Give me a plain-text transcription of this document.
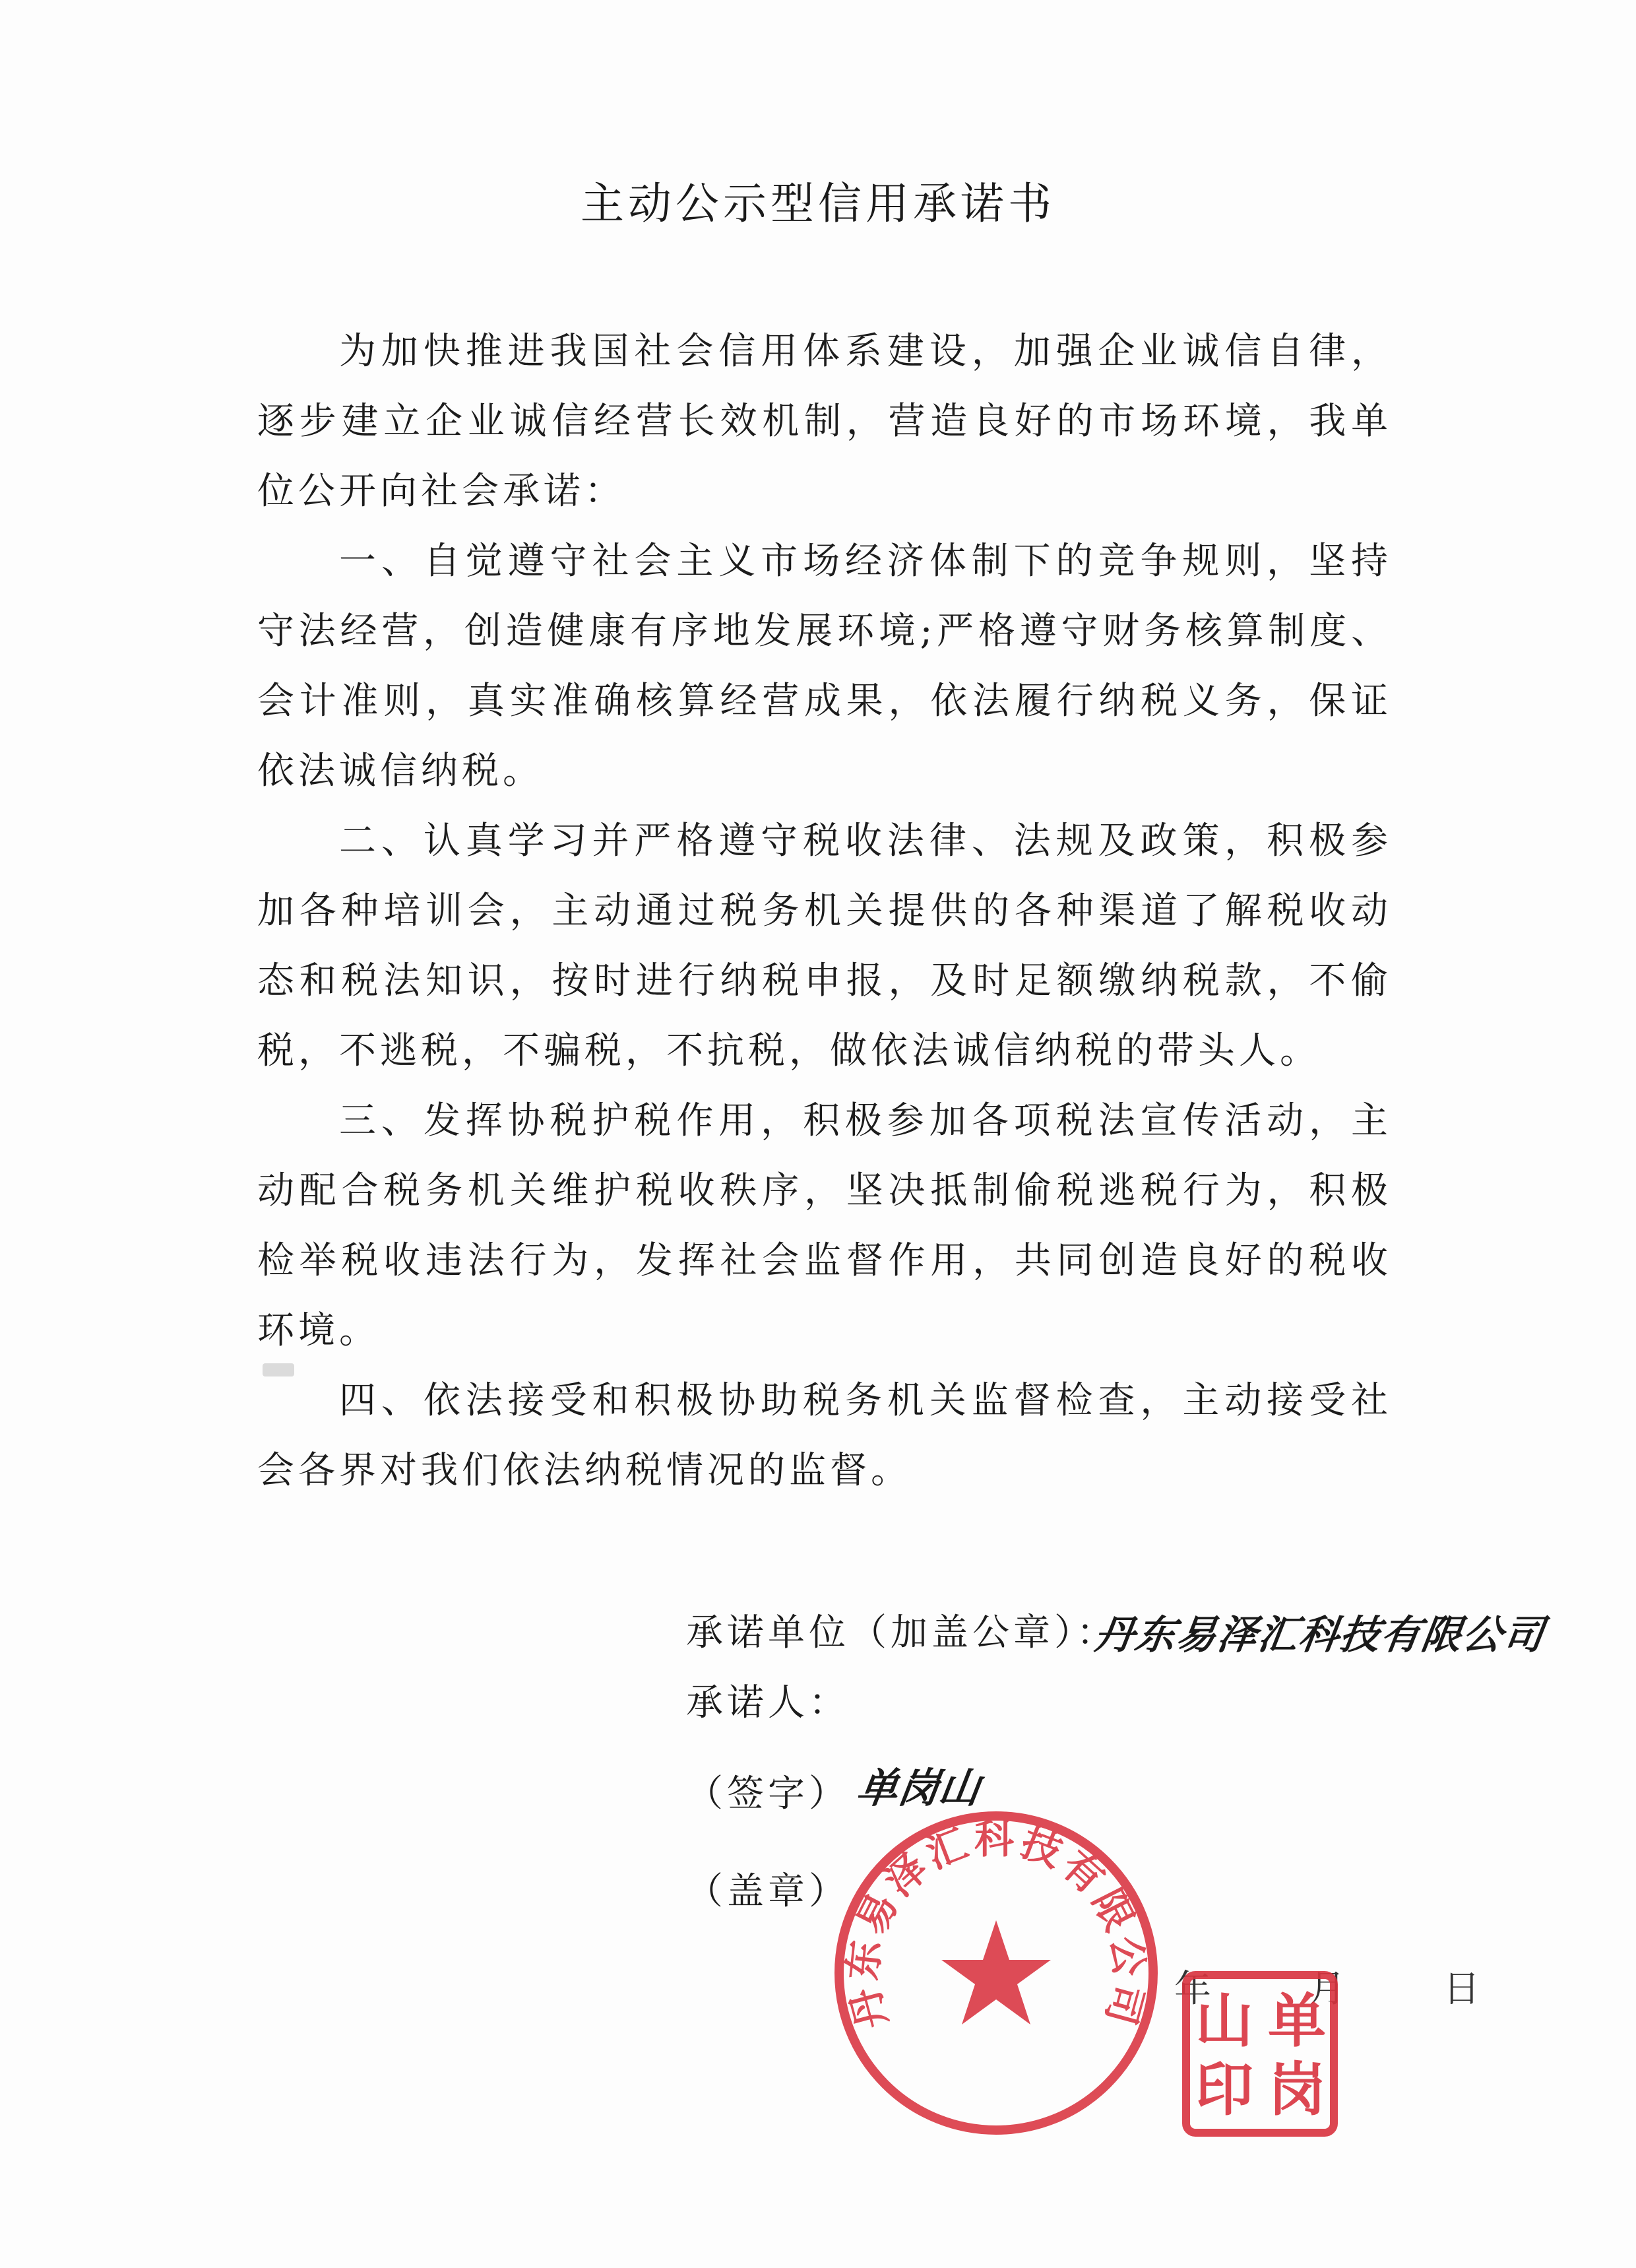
主动公示型信用承诺书

为加快推进我国社会信用体系建设，加强企业诚信自律，逐步建立企业诚信经营长效机制，营造良好的市场环境，我单位公开向社会承诺：

一、自觉遵守社会主义市场经济体制下的竞争规则，坚持守法经营，创造健康有序地发展环境;严格遵守财务核算制度、会计准则，真实准确核算经营成果，依法履行纳税义务，保证依法诚信纳税。

二、认真学习并严格遵守税收法律、法规及政策，积极参加各种培训会，主动通过税务机关提供的各种渠道了解税收动态和税法知识，按时进行纳税申报，及时足额缴纳税款，不偷税，不逃税，不骗税，不抗税，做依法诚信纳税的带头人。

三、发挥协税护税作用，积极参加各项税法宣传活动，主动配合税务机关维护税收秩序，坚决抵制偷税逃税行为，积极检举税收违法行为，发挥社会监督作用，共同创造良好的税收环境。

四、依法接受和积极协助税务机关监督检查，主动接受社会各界对我们依法纳税情况的监督。

承诺单位（加盖公章）：
承诺人：
（签字）
（盖章）
年	月	日
丹东易泽汇科技有限公司
单岗山
丹东易泽汇科技有限公司 单
岗
山
印
